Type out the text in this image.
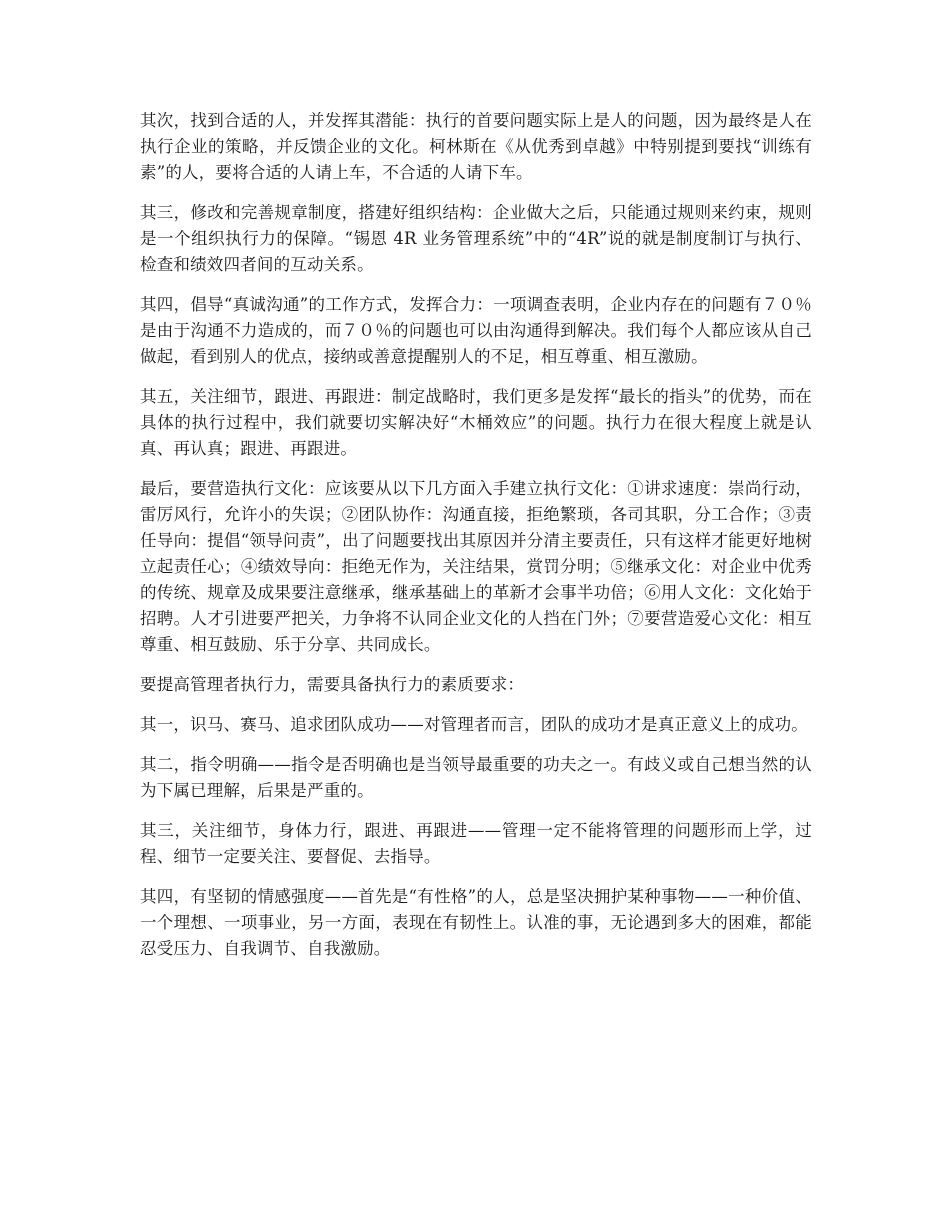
其次，找到合适的人，并发挥其潜能：执行的首要问题实际上是人的问题，因为最终是人在执行企业的策略，并反馈企业的文化。柯林斯在《从优秀到卓越》中特别提到要找“训练有素”的人，要将合适的人请上车，不合适的人请下车。

其三，修改和完善规章制度，搭建好组织结构：企业做大之后，只能通过规则来约束，规则是一个组织执行力的保障。“锡恩 4R 业务管理系统”中的“4R”说的就是制度制订与执行、检查和绩效四者间的互动关系。

其四，倡导“真诚沟通”的工作方式，发挥合力：一项调查表明，企业内存在的问题有７０％是由于沟通不力造成的，而７０％的问题也可以由沟通得到解决。我们每个人都应该从自己做起，看到别人的优点，接纳或善意提醒别人的不足，相互尊重、相互激励。

其五，关注细节，跟进、再跟进：制定战略时，我们更多是发挥“最长的指头”的优势，而在具体的执行过程中，我们就要切实解决好“木桶效应”的问题。执行力在很大程度上就是认真、再认真；跟进、再跟进。

最后，要营造执行文化：应该要从以下几方面入手建立执行文化：①讲求速度：崇尚行动，雷厉风行，允许小的失误；②团队协作：沟通直接，拒绝繁琐，各司其职，分工合作；③责任导向：提倡“领导问责”，出了问题要找出其原因并分清主要责任，只有这样才能更好地树立起责任心；④绩效导向：拒绝无作为，关注结果，赏罚分明；⑤继承文化：对企业中优秀的传统、规章及成果要注意继承，继承基础上的革新才会事半功倍；⑥用人文化：文化始于招聘。人才引进要严把关，力争将不认同企业文化的人挡在门外；⑦要营造爱心文化：相互尊重、相互鼓励、乐于分享、共同成长。

要提高管理者执行力，需要具备执行力的素质要求：

其一，识马、赛马、追求团队成功——对管理者而言，团队的成功才是真正意义上的成功。

其二，指令明确——指令是否明确也是当领导最重要的功夫之一。有歧义或自己想当然的认为下属已理解，后果是严重的。

其三，关注细节，身体力行，跟进、再跟进——管理一定不能将管理的问题形而上学，过程、细节一定要关注、要督促、去指导。

其四，有坚韧的情感强度——首先是“有性格”的人，总是坚决拥护某种事物——一种价值、一个理想、一项事业，另一方面，表现在有韧性上。认准的事，无论遇到多大的困难，都能忍受压力、自我调节、自我激励。
